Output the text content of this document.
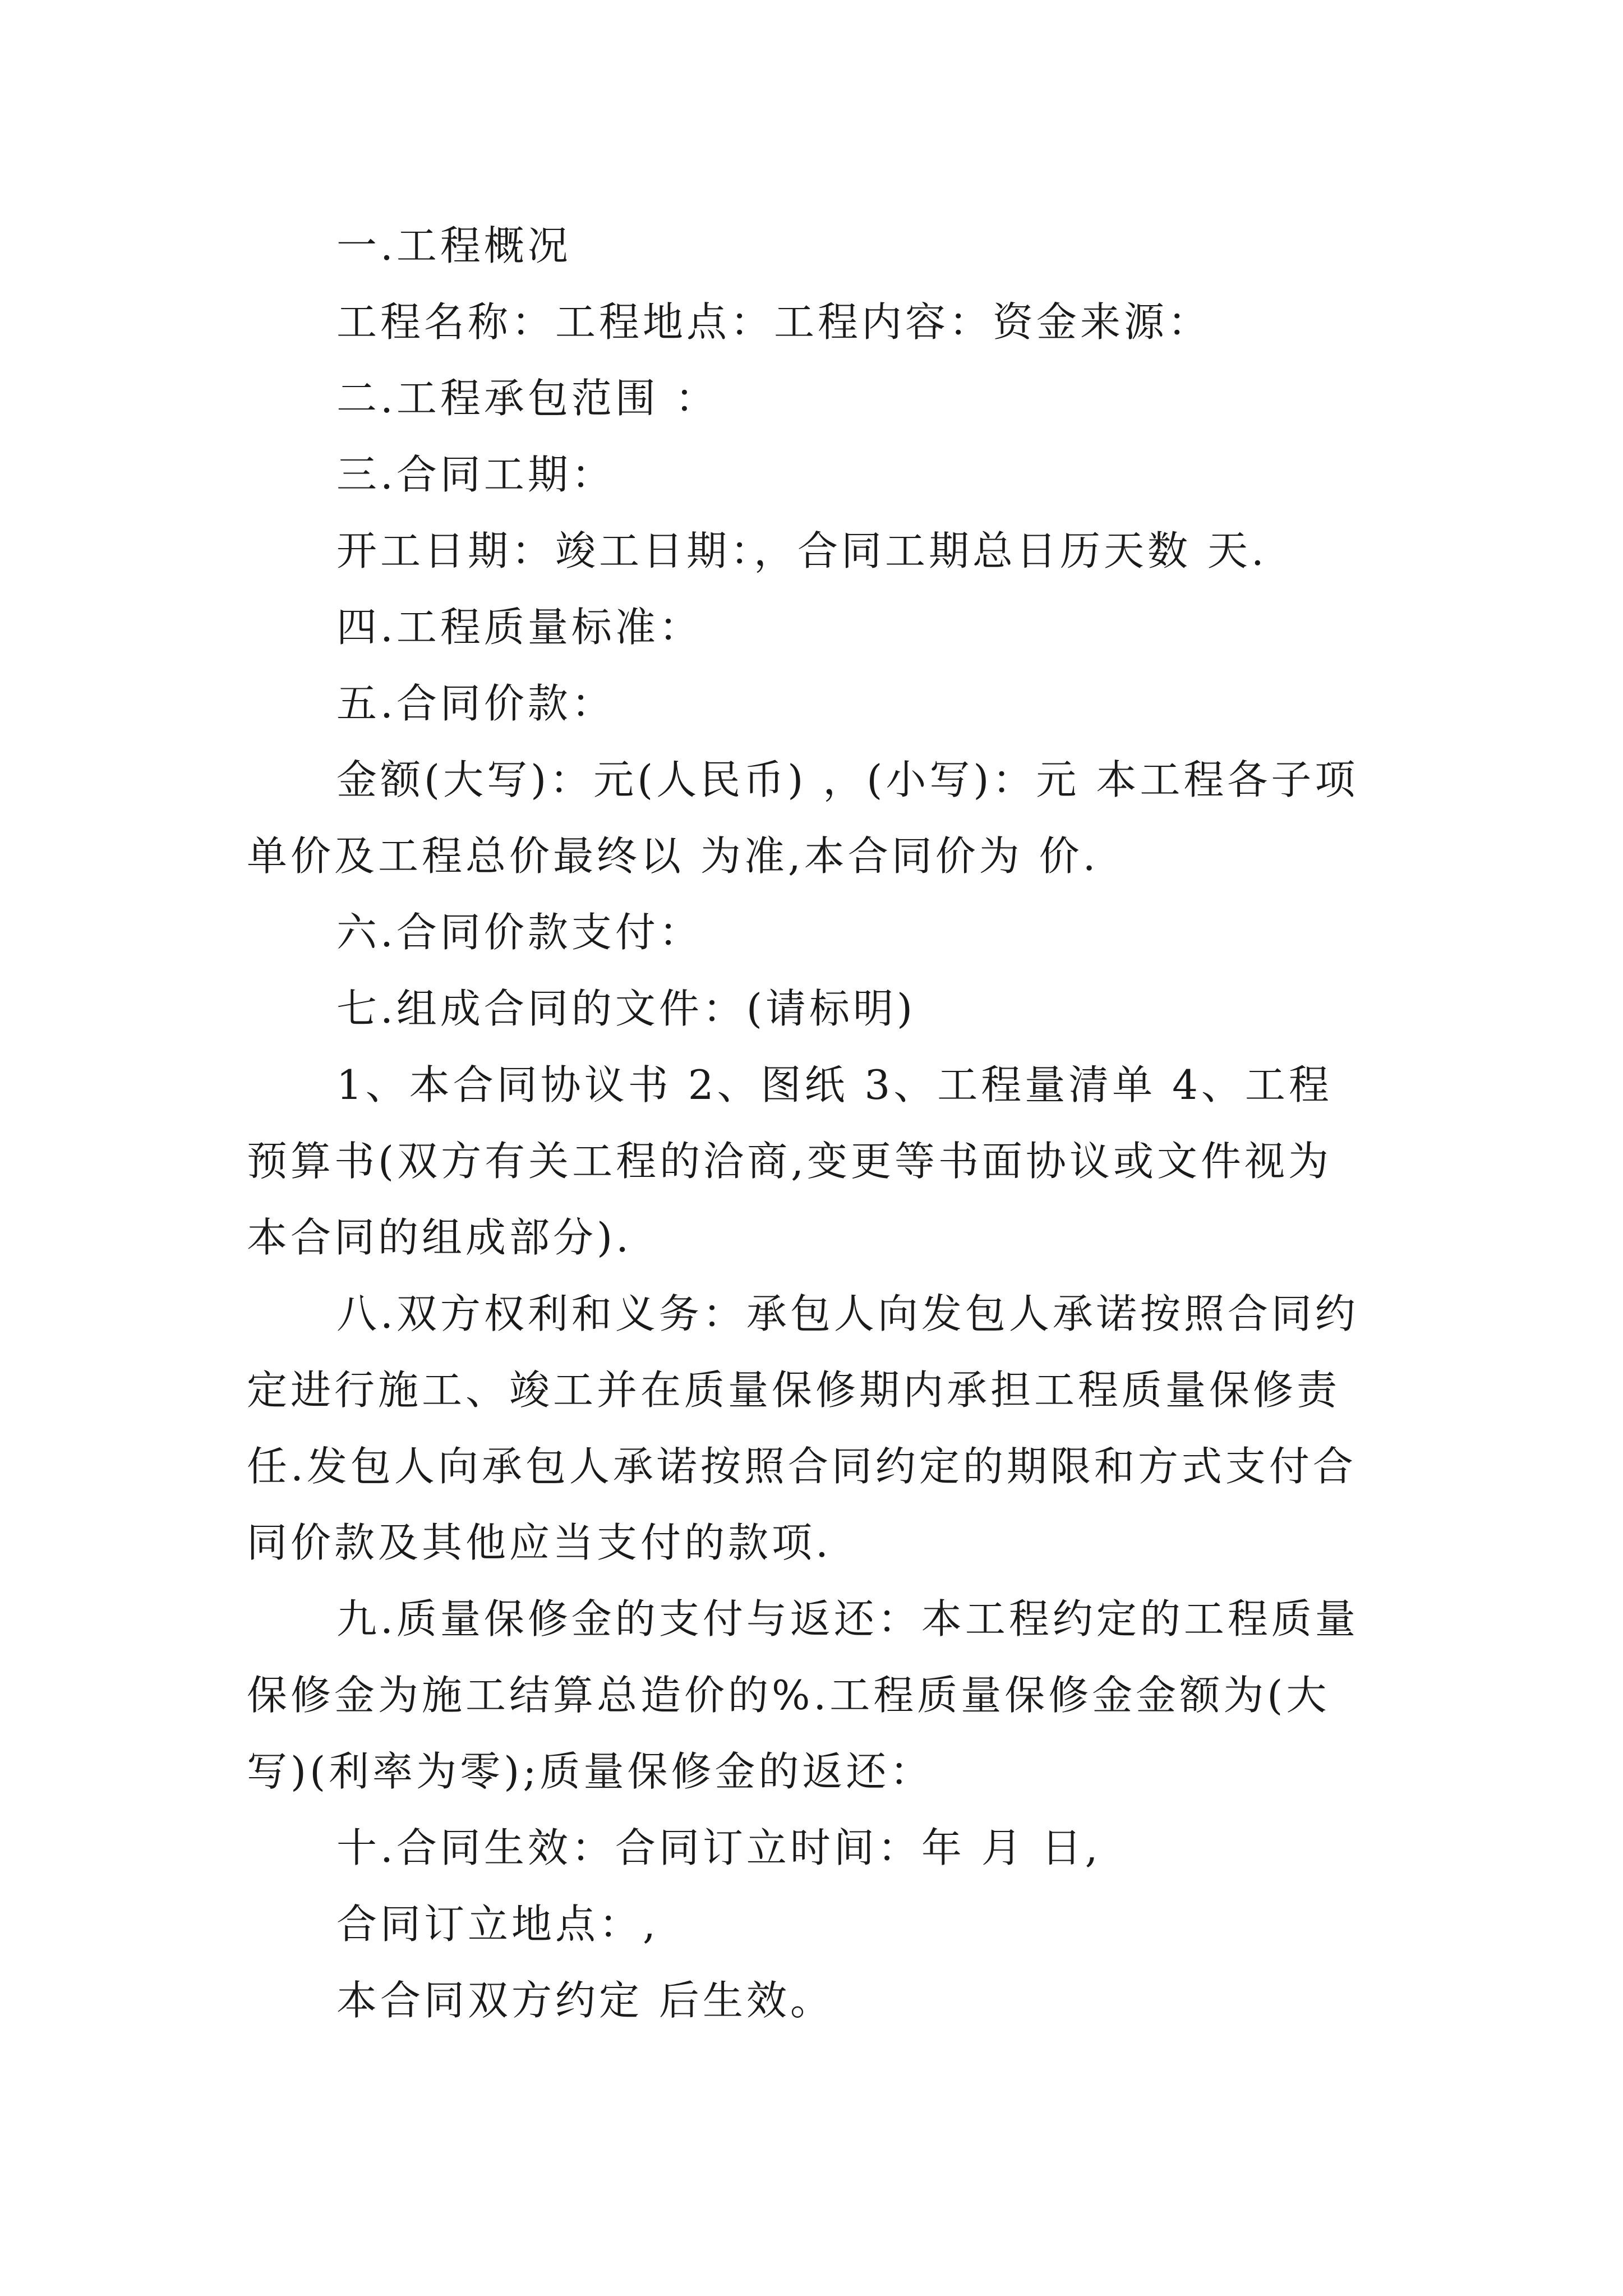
一.工程概况

工程名称：工程地点：工程内容：资金来源：

二.工程承包范围 ：

三.合同工期：

开工日期：竣工日期：，合同工期总日历天数 天.

四.工程质量标准：

五.合同价款：

金额(大写)：元(人民币) ，(小写)：元 本工程各子项单价及工程总价最终以 为准,本合同价为 价.

六.合同价款支付：

七.组成合同的文件：(请标明)

1、本合同协议书 2、图纸 3、工程量清单 4、工程预算书(双方有关工程的洽商,变更等书面协议或文件视为本合同的组成部分).

八.双方权利和义务：承包人向发包人承诺按照合同约定进行施工、竣工并在质量保修期内承担工程质量保修责任.发包人向承包人承诺按照合同约定的期限和方式支付合同价款及其他应当支付的款项.

九.质量保修金的支付与返还：本工程约定的工程质量保修金为施工结算总造价的%.工程质量保修金金额为(大写)(利率为零);质量保修金的返还：

十.合同生效：合同订立时间：年 月 日,

合同订立地点：,

本合同双方约定 后生效。
